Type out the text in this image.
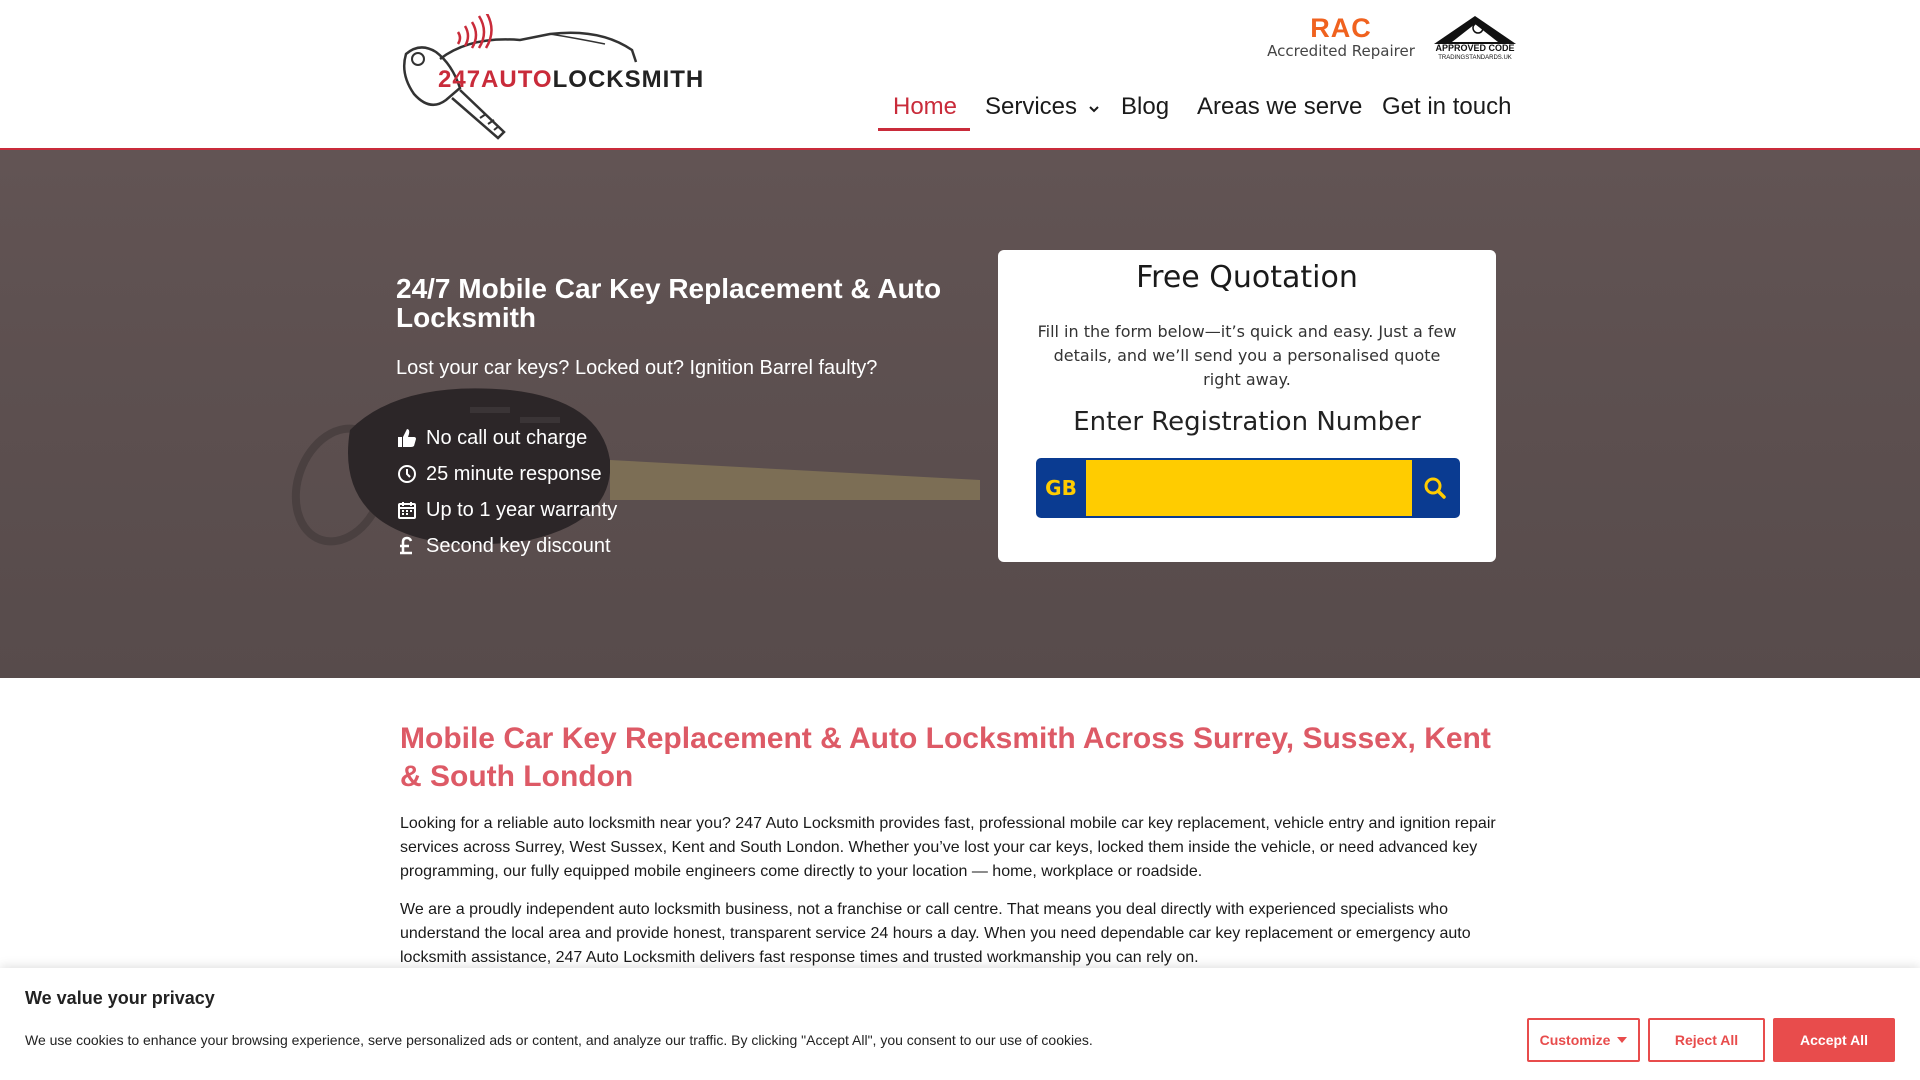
247AUTOLOCKSMITH
RAC
Accredited Repairer	APPROVED CODE
TRADINGSTANDARDS.UK
Home Services	Blog Areas we serve Get in touch
24/7 Mobile Car Key Replacement & Auto Locksmith
Lost your car keys? Locked out? Ignition Barrel faulty?
No call out charge
25 minute response
Up to 1 year warranty
Second key discount
Free Quotation
Fill in the form below—it’s quick and easy. Just a few details, and we’ll send you a personalised quote right away.
Enter Registration Number
GB
Mobile Car Key Replacement & Auto Locksmith Across Surrey, Sussex, Kent & South London

Looking for a reliable auto locksmith near you? 247 Auto Locksmith provides fast, professional mobile car key replacement, vehicle entry and ignition repair services across Surrey, West Sussex, Kent and South London. Whether you’ve lost your car keys, locked them inside the vehicle, or need advanced key programming, our fully equipped mobile engineers come directly to your location — home, workplace or roadside.

We are a proudly independent auto locksmith business, not a franchise or call centre. That means you deal directly with experienced specialists who understand the local area and provide honest, transparent service 24 hours a day. When you need dependable car key replacement or emergency auto locksmith assistance, 247 Auto Locksmith delivers fast response times and trusted workmanship you can rely on.

We value your privacy
We use cookies to enhance your browsing experience, serve personalized ads or content, and analyze our traffic. By clicking "Accept All", you consent to our use of cookies.	Customize	Reject All	Accept All
